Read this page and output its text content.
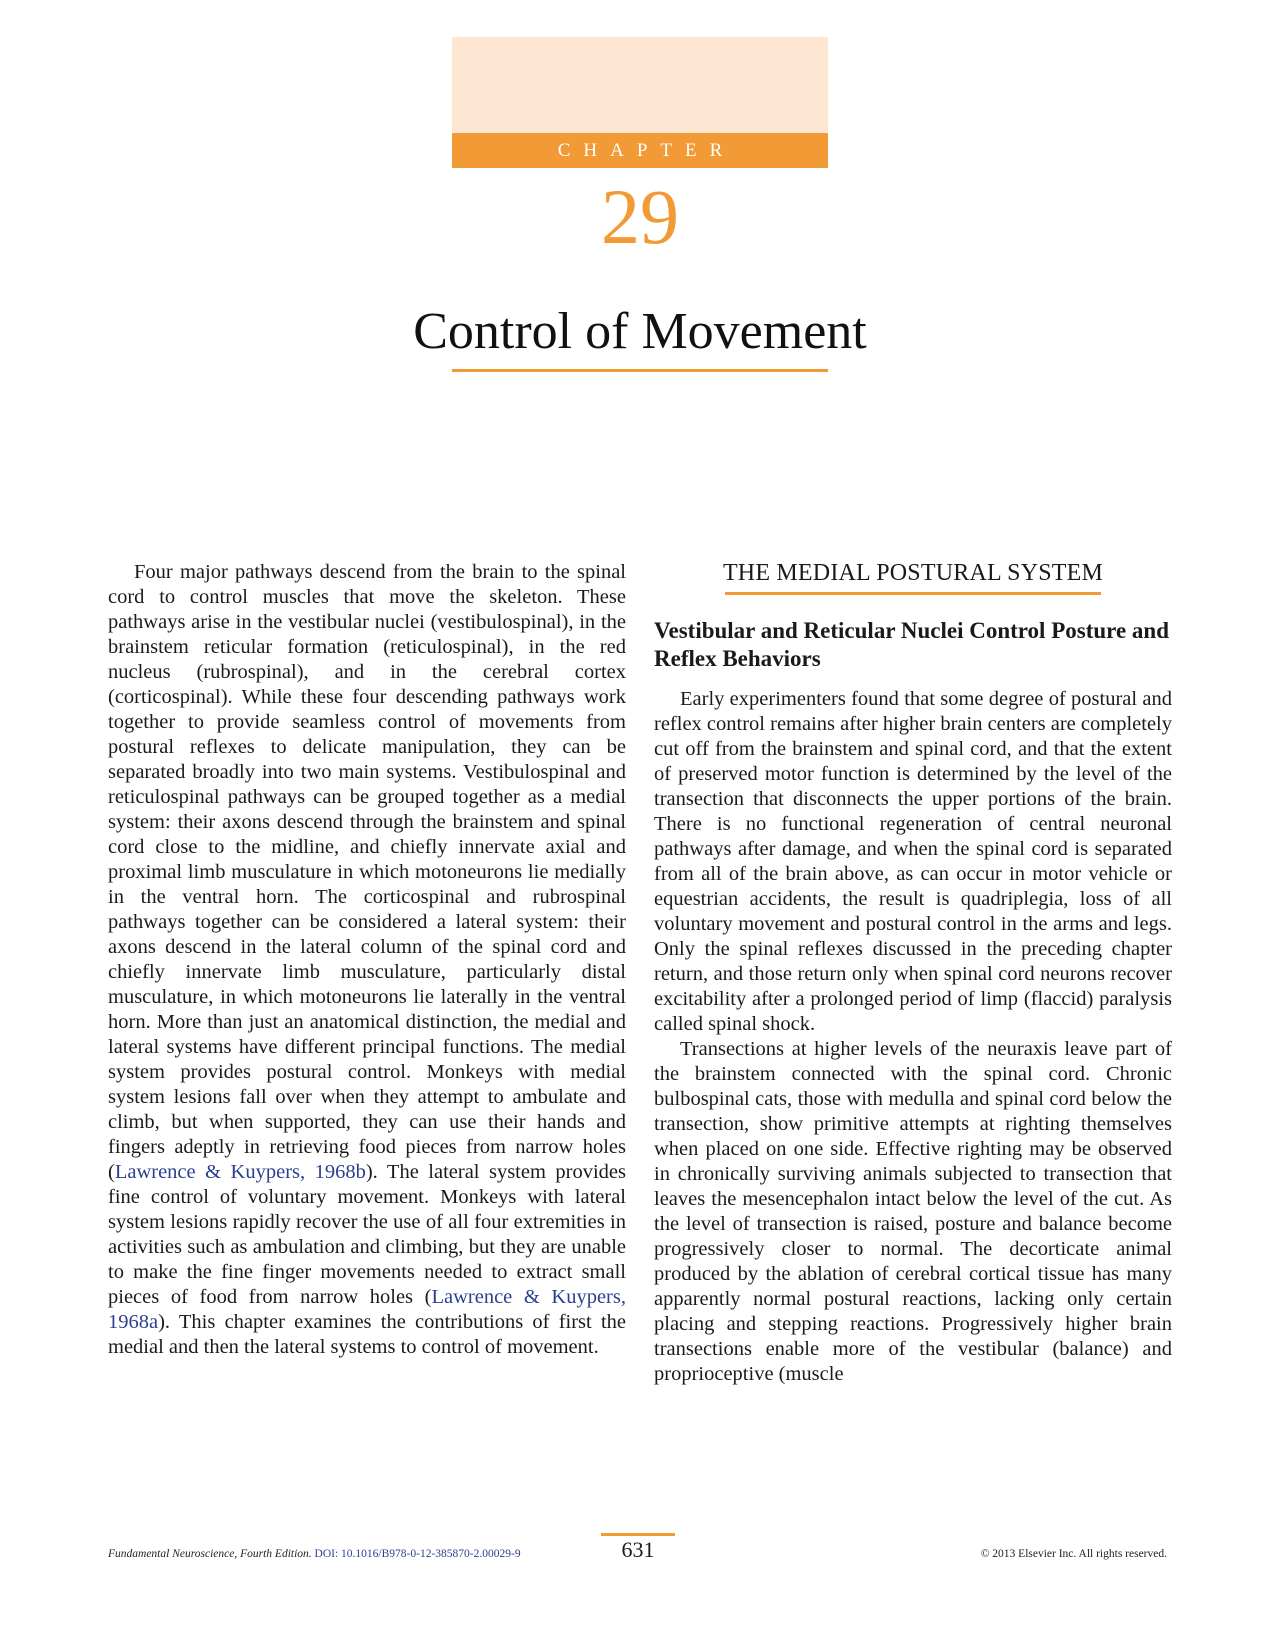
CHAPTER
29
Control of Movement

Four major pathways descend from the brain to the spinal cord to control muscles that move the skeleton. These pathways arise in the vestibular nuclei (vestibulospinal), in the brainstem reticular formation (reticulospinal), in the red nucleus (rubrospinal), and in the cerebral cortex (corticospinal). While these four descending pathways work together to provide seamless control of movements from postural reflexes to delicate manipulation, they can be separated broadly into two main systems. Vestibulospinal and reticulospinal pathways can be grouped together as a medial system: their axons descend through the brainstem and spinal cord close to the midline, and chiefly innervate axial and proximal limb musculature in which motoneurons lie medially in the ventral horn. The corticospinal and rubrospinal pathways together can be considered a lateral system: their axons descend in the lateral column of the spinal cord and chiefly innervate limb musculature, particularly distal musculature, in which motoneurons lie laterally in the ventral horn. More than just an anatomical distinction, the medial and lateral systems have different principal functions. The medial system provides postural control. Monkeys with medial system lesions fall over when they attempt to ambulate and climb, but when supported, they can use their hands and fingers adeptly in retrieving food pieces from narrow holes (Lawrence & Kuypers, 1968b). The lateral system provides fine control of voluntary movement. Monkeys with lateral system lesions rapidly recover the use of all four extremities in activities such as ambulation and climbing, but they are unable to make the fine finger movements needed to extract small pieces of food from narrow holes (Lawrence & Kuypers, 1968a). This chapter examines the contributions of first the medial and then the lateral systems to control of movement.

THE MEDIAL POSTURAL SYSTEM
Vestibular and Reticular Nuclei Control Posture and Reflex Behaviors

Early experimenters found that some degree of postural and reflex control remains after higher brain centers are completely cut off from the brainstem and spinal cord, and that the extent of preserved motor function is determined by the level of the transection that disconnects the upper portions of the brain. There is no functional regeneration of central neuronal pathways after damage, and when the spinal cord is separated from all of the brain above, as can occur in motor vehicle or equestrian accidents, the result is quadriplegia, loss of all voluntary movement and postural control in the arms and legs. Only the spinal reflexes discussed in the preceding chapter return, and those return only when spinal cord neurons recover excitability after a prolonged period of limp (flaccid) paralysis called spinal shock.

Transections at higher levels of the neuraxis leave part of the brainstem connected with the spinal cord. Chronic bulbospinal cats, those with medulla and spinal cord below the transection, show primitive attempts at righting themselves when placed on one side. Effective righting may be observed in chronically surviving animals subjected to transection that leaves the mesencephalon intact below the level of the cut. As the level of transection is raised, posture and balance become progressively closer to normal. The decorticate animal produced by the ablation of cerebral cortical tissue has many apparently normal postural reactions, lacking only certain placing and stepping reactions. Progressively higher brain transections enable more of the vestibular (balance) and proprioceptive (muscle

Fundamental Neuroscience, Fourth Edition. DOI: 10.1016/B978-0-12-385870-2.00029-9	631	© 2013 Elsevier Inc. All rights reserved.
